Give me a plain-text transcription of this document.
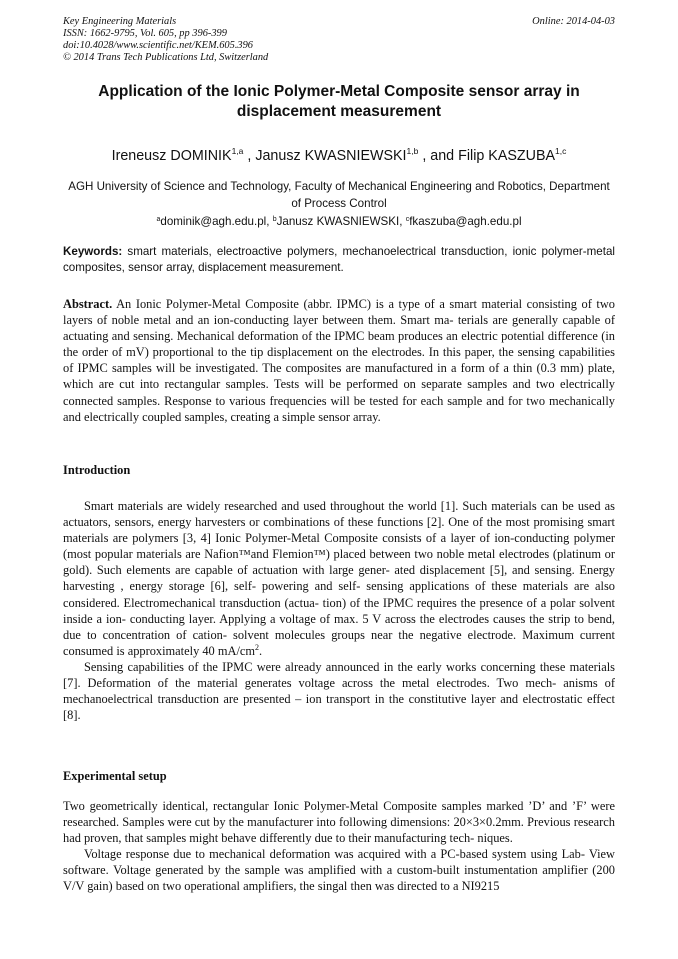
Key Engineering Materials
ISSN: 1662-9795, Vol. 605, pp 396-399
doi:10.4028/www.scientific.net/KEM.605.396
© 2014 Trans Tech Publications Ltd, Switzerland
Online: 2014-04-03
Application of the Ionic Polymer-Metal Composite sensor array in displacement measurement
Ireneusz DOMINIK$^{1,a}$ , Janusz KWASNIEWSKI$^{1,b}$ , and Filip KASZUBA$^{1,c}$
AGH University of Science and Technology, Faculty of Mechanical Engineering and Robotics, Department of Process Control
$^a$dominik@agh.edu.pl, $^b$Janusz KWASNIEWSKI, $^c$fkaszuba@agh.edu.pl
Keywords: smart materials, electroactive polymers, mechanoelectrical transduction, ionic polymer-metal composites, sensor array, displacement measurement.

Abstract. An Ionic Polymer-Metal Composite (abbr. IPMC) is a type of a smart material consisting of two layers of noble metal and an ion-conducting layer between them. Smart ma- terials are generally capable of actuating and sensing. Mechanical deformation of the IPMC beam produces an electric potential difference (in the order of mV) proportional to the tip displacement on the electrodes. In this paper, the sensing capabilities of IPMC samples will be investigated. The composites are manufactured in a form of a thin (0.3 mm) plate, which are cut into rectangular samples. Tests will be performed on separate samples and two electrically connected samples. Response to various frequencies will be tested for each sample and for two mechanically and electrically coupled samples, creating a simple sensor array.

Introduction

Smart materials are widely researched and used throughout the world [1]. Such materials can be used as actuators, sensors, energy harvesters or combinations of these functions [2]. One of the most promising smart materials are polymers [3, 4] Ionic Polymer-Metal Composite consists of a layer of ion-conducting polymer (most popular materials are Nafion™and Flemion™) placed between two noble metal electrodes (platinum or gold). Such elements are capable of actuation with large gener- ated displacement [5], and sensing. Energy harvesting , energy storage [6], self- powering and self- sensing applications of these materials are also considered. Electromechanical transduction (actua- tion) of the IPMC requires the presence of a polar solvent inside a ion- conducting layer. Applying a voltage of max. 5 V across the electrodes causes the strip to bend, due to concentration of cation- solvent molecules groups near the negative electrode. Maximum current consumed is approximately 40 $mA/cm^2$.

Sensing capabilities of the IPMC were already announced in the early works concerning these materials [7]. Deformation of the material generates voltage across the metal electrodes. Two mech- anisms of mechanoelectrical transduction are presented – ion transport in the constitutive layer and electrostatic effect [8].

Experimental setup

Two geometrically identical, rectangular Ionic Polymer-Metal Composite samples marked ’D’ and ’F’ were researched. Samples were cut by the manufacturer into following dimensions: 20×3×0.2mm. Previous research had proven, that samples might behave differently due to their manufacturing tech- niques.

Voltage response due to mechanical deformation was acquired with a PC-based system using Lab- View software. Voltage generated by the sample was amplified with a custom-built instumentation amplifier (200 V/V gain) based on two operational amplifiers, the singal then was directed to a NI9215
